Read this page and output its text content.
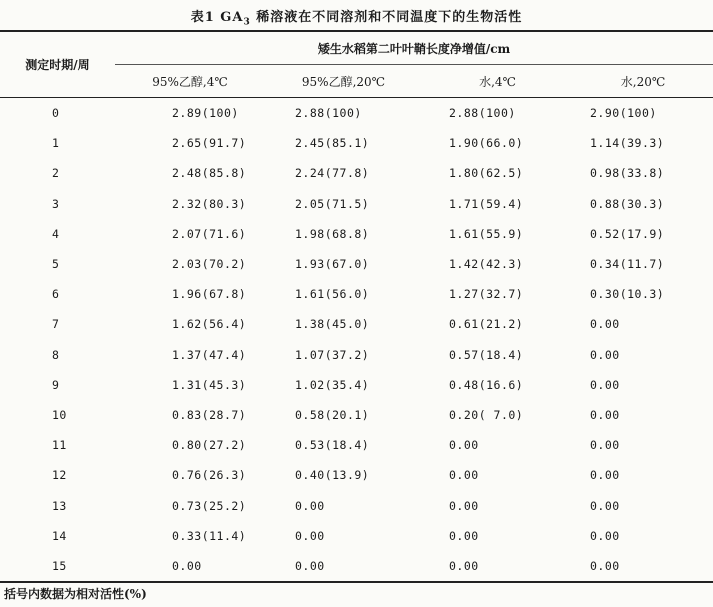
表1 $GA_3$ 稀溶液在不同溶剂和不同温度下的生物活性
测定时期/周	矮生水稻第二叶叶鞘长度净增值/cm			
	95%乙醇,4℃	95%乙醇,20℃	水,4℃	水,20℃
0	2.89(100)	2.88(100)	2.88(100)	2.90(100)
1	2.65(91.7)	2.45(85.1)	1.90(66.0)	1.14(39.3)
2	2.48(85.8)	2.24(77.8)	1.80(62.5)	0.98(33.8)
3	2.32(80.3)	2.05(71.5)	1.71(59.4)	0.88(30.3)
4	2.07(71.6)	1.98(68.8)	1.61(55.9)	0.52(17.9)
5	2.03(70.2)	1.93(67.0)	1.42(42.3)	0.34(11.7)
6	1.96(67.8)	1.61(56.0)	1.27(32.7)	0.30(10.3)
7	1.62(56.4)	1.38(45.0)	0.61(21.2)	0.00
8	1.37(47.4)	1.07(37.2)	0.57(18.4)	0.00
9	1.31(45.3)	1.02(35.4)	0.48(16.6)	0.00
10	0.83(28.7)	0.58(20.1)	0.20( 7.0)	0.00
11	0.80(27.2)	0.53(18.4)	0.00	0.00
12	0.76(26.3)	0.40(13.9)	0.00	0.00
13	0.73(25.2)	0.00	0.00	0.00
14	0.33(11.4)	0.00	0.00	0.00
15	0.00	0.00	0.00	0.00
括号内数据为相对活性(%)
